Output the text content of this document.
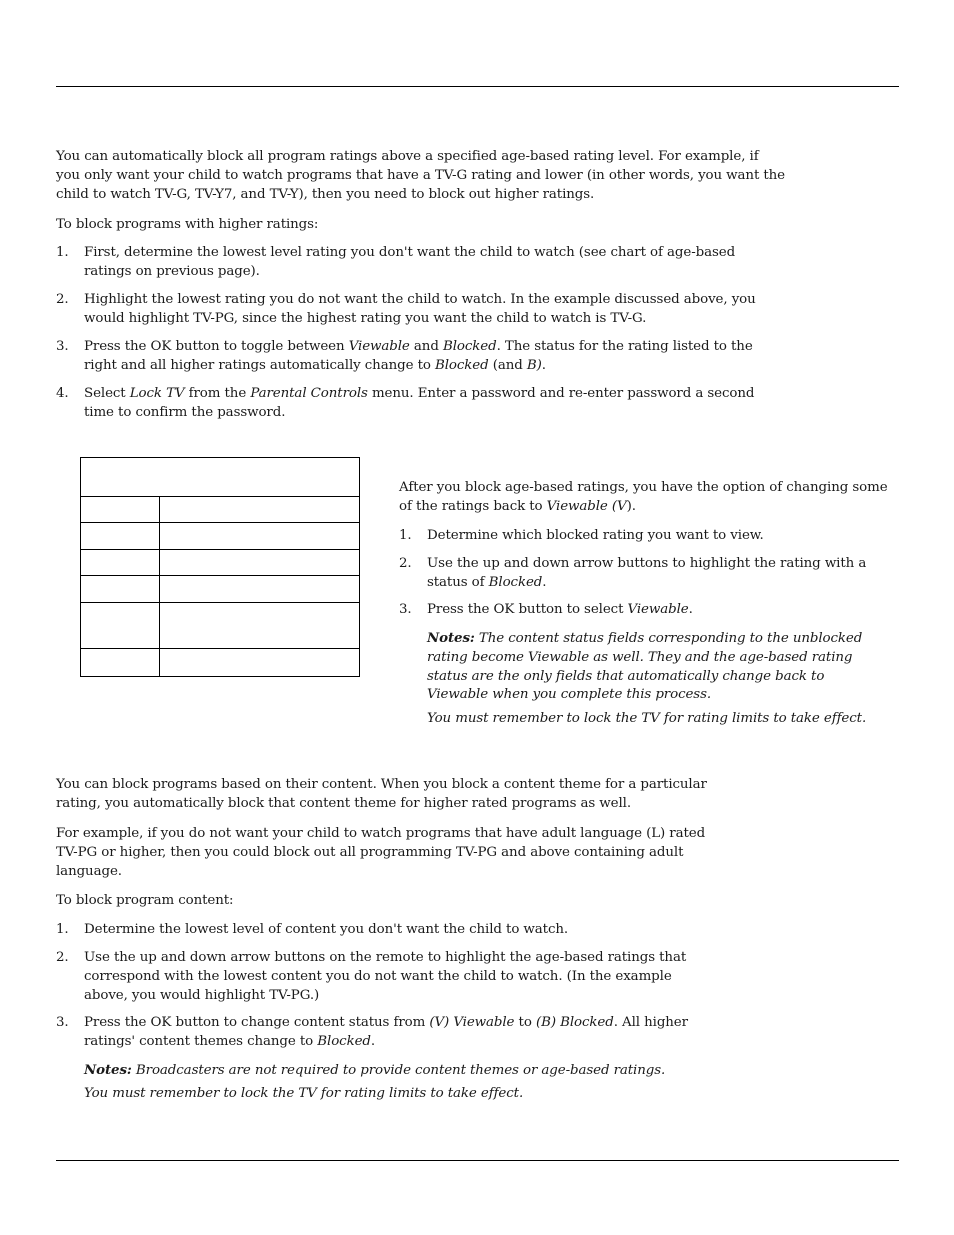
You can automatically block all program ratings above a specified age-based rating level. For example, if you only want your child to watch programs that have a TV-G rating and lower (in other words, you want the child to watch TV-G, TV-Y7, and TV-Y), then you need to block out higher ratings.
To block programs with higher ratings:
1. First, determine the lowest level rating you don't want the child to watch (see chart of age-based ratings on previous page).
2. Highlight the lowest rating you do not want the child to watch. In the example discussed above, you would highlight TV-PG, since the highest rating you want the child to watch is TV-G.
3. Press the OK button to toggle between Viewable and Blocked. The status for the rating listed to the right and all higher ratings automatically change to Blocked (and B).
4. Select Lock TV from the Parental Controls menu. Enter a password and re-enter password a second time to confirm the password.
After you block age-based ratings, you have the option of changing some of the ratings back to Viewable (V).
1. Determine which blocked rating you want to view.
2. Use the up and down arrow buttons to highlight the rating with a status of Blocked.
3. Press the OK button to select Viewable.
Notes: The content status fields corresponding to the unblocked rating become Viewable as well. They and the age-based rating status are the only fields that automatically change back to Viewable when you complete this process.
You must remember to lock the TV for rating limits to take effect.
You can block programs based on their content. When you block a content theme for a particular rating, you automatically block that content theme for higher rated programs as well.
For example, if you do not want your child to watch programs that have adult language (L) rated TV-PG or higher, then you could block out all programming TV-PG and above containing adult language.
To block program content:
1. Determine the lowest level of content you don't want the child to watch.
2. Use the up and down arrow buttons on the remote to highlight the age-based ratings that correspond with the lowest content you do not want the child to watch. (In the example above, you would highlight TV-PG.)
3. Press the OK button to change content status from (V) Viewable to (B) Blocked. All higher ratings' content themes change to Blocked.
Notes: Broadcasters are not required to provide content themes or age-based ratings.
You must remember to lock the TV for rating limits to take effect.
